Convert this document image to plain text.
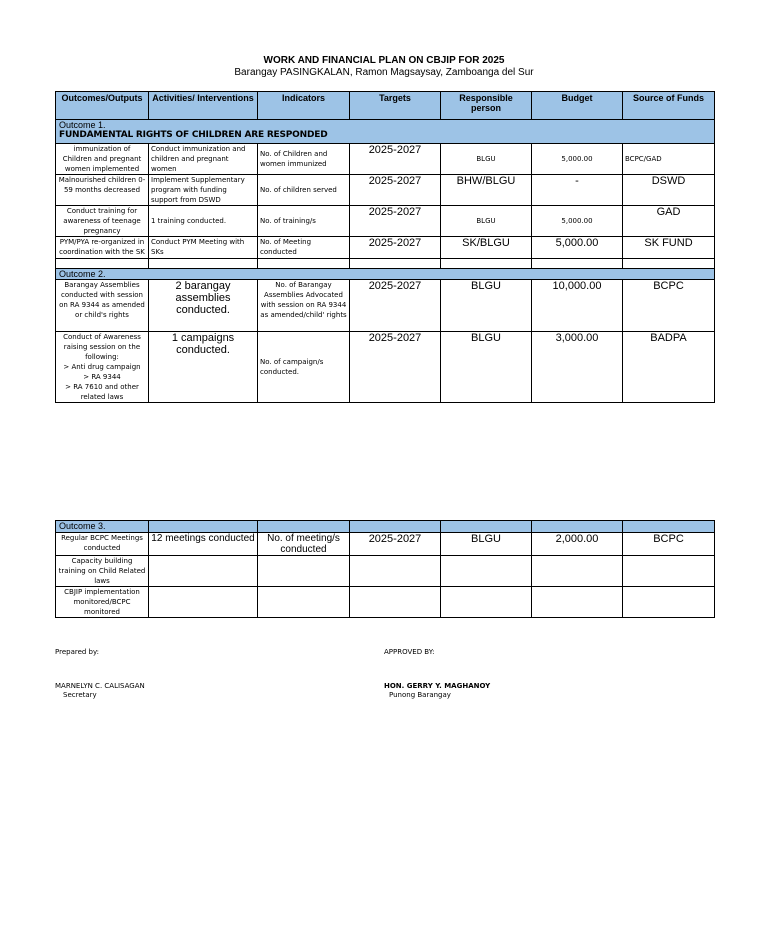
WORK AND FINANCIAL PLAN ON CBJIP FOR 2025
Barangay PASINGKALAN, Ramon Magsaysay, Zamboanga del Sur
Outcomes/Outputs	Activities/ Interventions	Indicators	Targets	Responsible person	Budget	Source of Funds

Outcome 1.
FUNDAMENTAL RIGHTS OF CHILDREN ARE RESPONDED						

immunization of Children and pregnant women implemented	Conduct immunization and children and pregnant women	No. of Children and women immunized	2025-2027	BLGU	5,000.00	BCPC/GAD
Malnourished children 0-59 months decreased	Implement Supplementary program with funding support from DSWD	No. of children served	2025-2027	BHW/BLGU	-	DSWD
Conduct training for awareness of teenage pregnancy	1 training conducted.	No. of training/s	2025-2027	BLGU	5,000.00	GAD
PYM/PYA re-organized in coordination with the SK	Conduct PYM Meeting with SKs	No. of Meeting conducted	2025-2027	SK/BLGU	5,000.00	SK FUND

Outcome 2.						
Barangay Assemblies conducted with session on RA 9344 as amended or child's rights	2 barangay assemblies conducted.	No. of Barangay Assemblies Advocated with session on RA 9344 as amended/child' rights	2025-2027	BLGU	10,000.00	BCPC

Conduct of Awareness raising session on the following:
> Anti drug campaign
> RA 9344
> RA 7610 and other related laws	1 campaigns conducted.	No. of campaign/s conducted.	2025-2027	BLGU	3,000.00	BADPA
Outcome 3.						
Regular BCPC Meetings conducted	12 meetings conducted	No. of meeting/s conducted	2025-2027	BLGU	2,000.00	BCPC
Capacity building training on Child Related laws						
CBJIP implementation monitored/BCPC monitored						
Prepared by:
MARNELYN C. CALISAGAN
Secretary
APPROVED BY:
HON. GERRY Y. MAGHANOY
Punong Barangay
